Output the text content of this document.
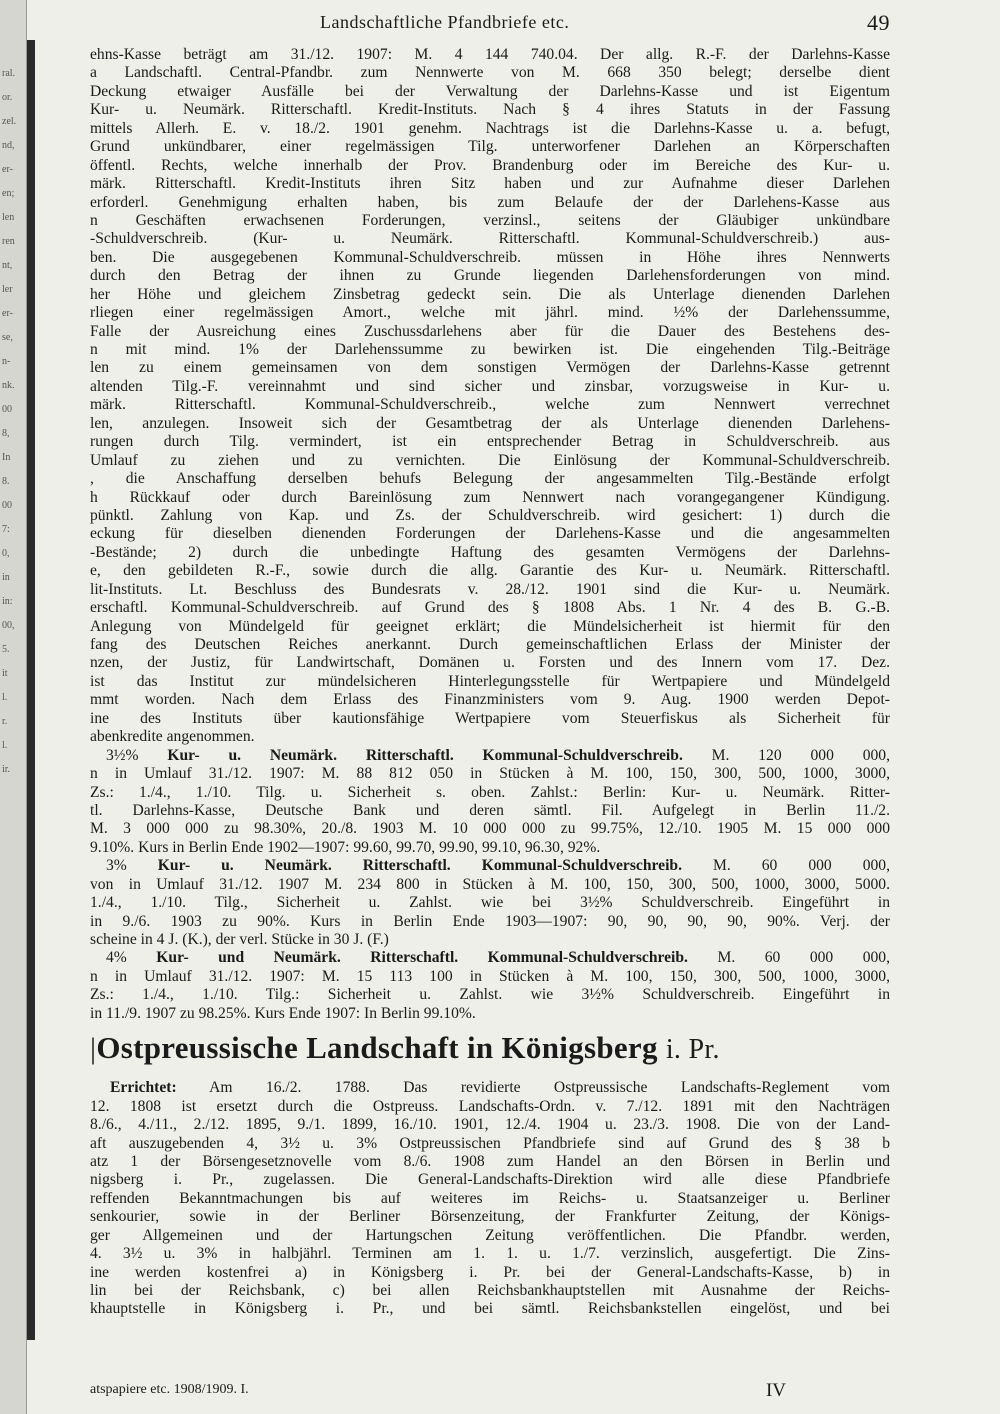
ral.
or.
zel.
nd,
er-
en;
len
ren
nt,
ler
er-
se,
n-
nk.
00
8,
In
8.
00
7:
0,
in
in:
00,
5.
it
l.
r.
l.
ir.
Landschaftliche Pfandbriefe etc.	49
ehns-Kasse beträgt am 31./12. 1907: M. 4 144 740.04. Der allg. R.-F. der Darlehns-Kasse
a Landschaftl. Central-Pfandbr. zum Nennwerte von M. 668 350 belegt; derselbe dient
Deckung etwaiger Ausfälle bei der Verwaltung der Darlehns-Kasse und ist Eigentum
Kur- u. Neumärk. Ritterschaftl. Kredit-Instituts. Nach § 4 ihres Statuts in der Fassung
mittels Allerh. E. v. 18./2. 1901 genehm. Nachtrags ist die Darlehns-Kasse u. a. befugt,
Grund unkündbarer, einer regelmässigen Tilg. unterworfener Darlehen an Körperschaften
öffentl. Rechts, welche innerhalb der Prov. Brandenburg oder im Bereiche des Kur- u.
märk. Ritterschaftl. Kredit-Instituts ihren Sitz haben und zur Aufnahme dieser Darlehen
erforderl. Genehmigung erhalten haben, bis zum Belaufe der der Darlehens-Kasse aus
n Geschäften erwachsenen Forderungen, verzinsl., seitens der Gläubiger unkündbare
-Schuldverschreib. (Kur- u. Neumärk. Ritterschaftl. Kommunal-Schuldverschreib.) aus-
ben. Die ausgegebenen Kommunal-Schuldverschreib. müssen in Höhe ihres Nennwerts
durch den Betrag der ihnen zu Grunde liegenden Darlehensforderungen von mind.
her Höhe und gleichem Zinsbetrag gedeckt sein. Die als Unterlage dienenden Darlehen
rliegen einer regelmässigen Amort., welche mit jährl. mind. ½% der Darlehenssumme,
Falle der Ausreichung eines Zuschussdarlehens aber für die Dauer des Bestehens des-
n mit mind. 1% der Darlehenssumme zu bewirken ist. Die eingehenden Tilg.-Beiträge
len zu einem gemeinsamen von dem sonstigen Vermögen der Darlehns-Kasse getrennt
altenden Tilg.-F. vereinnahmt und sind sicher und zinsbar, vorzugsweise in Kur- u.
märk. Ritterschaftl. Kommunal-Schuldverschreib., welche zum Nennwert verrechnet
len, anzulegen. Insoweit sich der Gesamtbetrag der als Unterlage dienenden Darlehens-
rungen durch Tilg. vermindert, ist ein entsprechender Betrag in Schuldverschreib. aus
Umlauf zu ziehen und zu vernichten. Die Einlösung der Kommunal-Schuldverschreib.
, die Anschaffung derselben behufs Belegung der angesammelten Tilg.-Bestände erfolgt
h Rückkauf oder durch Bareinlösung zum Nennwert nach vorangegangener Kündigung.
pünktl. Zahlung von Kap. und Zs. der Schuldverschreib. wird gesichert: 1) durch die
eckung für dieselben dienenden Forderungen der Darlehens-Kasse und die angesammelten
-Bestände; 2) durch die unbedingte Haftung des gesamten Vermögens der Darlehns-
e, den gebildeten R.-F., sowie durch die allg. Garantie des Kur- u. Neumärk. Ritterschaftl.
lit-Instituts. Lt. Beschluss des Bundesrats v. 28./12. 1901 sind die Kur- u. Neumärk.
erschaftl. Kommunal-Schuldverschreib. auf Grund des § 1808 Abs. 1 Nr. 4 des B. G.-B.
Anlegung von Mündelgeld für geeignet erklärt; die Mündelsicherheit ist hiermit für den
fang des Deutschen Reiches anerkannt. Durch gemeinschaftlichen Erlass der Minister der
nzen, der Justiz, für Landwirtschaft, Domänen u. Forsten und des Innern vom 17. Dez.
ist das Institut zur mündelsicheren Hinterlegungsstelle für Wertpapiere und Mündelgeld
mmt worden. Nach dem Erlass des Finanzministers vom 9. Aug. 1900 werden Depot-
ine des Instituts über kautionsfähige Wertpapiere vom Steuerfiskus als Sicherheit für
abenkredite angenommen.
3½% Kur- u. Neumärk. Ritterschaftl. Kommunal-Schuldverschreib. M. 120 000 000,
n in Umlauf 31./12. 1907: M. 88 812 050 in Stücken à M. 100, 150, 300, 500, 1000, 3000,
Zs.: 1./4., 1./10. Tilg. u. Sicherheit s. oben. Zahlst.: Berlin: Kur- u. Neumärk. Ritter-
tl. Darlehns-Kasse, Deutsche Bank und deren sämtl. Fil. Aufgelegt in Berlin 11./2.
M. 3 000 000 zu 98.30%, 20./8. 1903 M. 10 000 000 zu 99.75%, 12./10. 1905 M. 15 000 000
9.10%. Kurs in Berlin Ende 1902—1907: 99.60, 99.70, 99.90, 99.10, 96.30, 92%.
3% Kur- u. Neumärk. Ritterschaftl. Kommunal-Schuldverschreib. M. 60 000 000,
von in Umlauf 31./12. 1907 M. 234 800 in Stücken à M. 100, 150, 300, 500, 1000, 3000, 5000.
1./4., 1./10. Tilg., Sicherheit u. Zahlst. wie bei 3½% Schuldverschreib. Eingeführt in
in 9./6. 1903 zu 90%. Kurs in Berlin Ende 1903—1907: 90, 90, 90, 90, 90%. Verj. der
scheine in 4 J. (K.), der verl. Stücke in 30 J. (F.)
4% Kur- und Neumärk. Ritterschaftl. Kommunal-Schuldverschreib. M. 60 000 000,
n in Umlauf 31./12. 1907: M. 15 113 100 in Stücken à M. 100, 150, 300, 500, 1000, 3000,
Zs.: 1./4., 1./10. Tilg.: Sicherheit u. Zahlst. wie 3½% Schuldverschreib. Eingeführt in
in 11./9. 1907 zu 98.25%. Kurs Ende 1907: In Berlin 99.10%.
|Ostpreussische Landschaft in Königsberg i. Pr.
Errichtet: Am 16./2. 1788. Das revidierte Ostpreussische Landschafts-Reglement vom
12. 1808 ist ersetzt durch die Ostpreuss. Landschafts-Ordn. v. 7./12. 1891 mit den Nachträgen
8./6., 4./11., 2./12. 1895, 9./1. 1899, 16./10. 1901, 12./4. 1904 u. 23./3. 1908. Die von der Land-
aft auszugebenden 4, 3½ u. 3% Ostpreussischen Pfandbriefe sind auf Grund des § 38 b
atz 1 der Börsengesetznovelle vom 8./6. 1908 zum Handel an den Börsen in Berlin und
nigsberg i. Pr., zugelassen. Die General-Landschafts-Direktion wird alle diese Pfandbriefe
reffenden Bekanntmachungen bis auf weiteres im Reichs- u. Staatsanzeiger u. Berliner
senkourier, sowie in der Berliner Börsenzeitung, der Frankfurter Zeitung, der Königs-
ger Allgemeinen und der Hartungschen Zeitung veröffentlichen. Die Pfandbr. werden,
4. 3½ u. 3% in halbjährl. Terminen am 1. 1. u. 1./7. verzinslich, ausgefertigt. Die Zins-
ine werden kostenfrei a) in Königsberg i. Pr. bei der General-Landschafts-Kasse, b) in
lin bei der Reichsbank, c) bei allen Reichsbankhauptstellen mit Ausnahme der Reichs-
khauptstelle in Königsberg i. Pr., und bei sämtl. Reichsbankstellen eingelöst, und bei
atspapiere etc. 1908/1909. I.	IV
